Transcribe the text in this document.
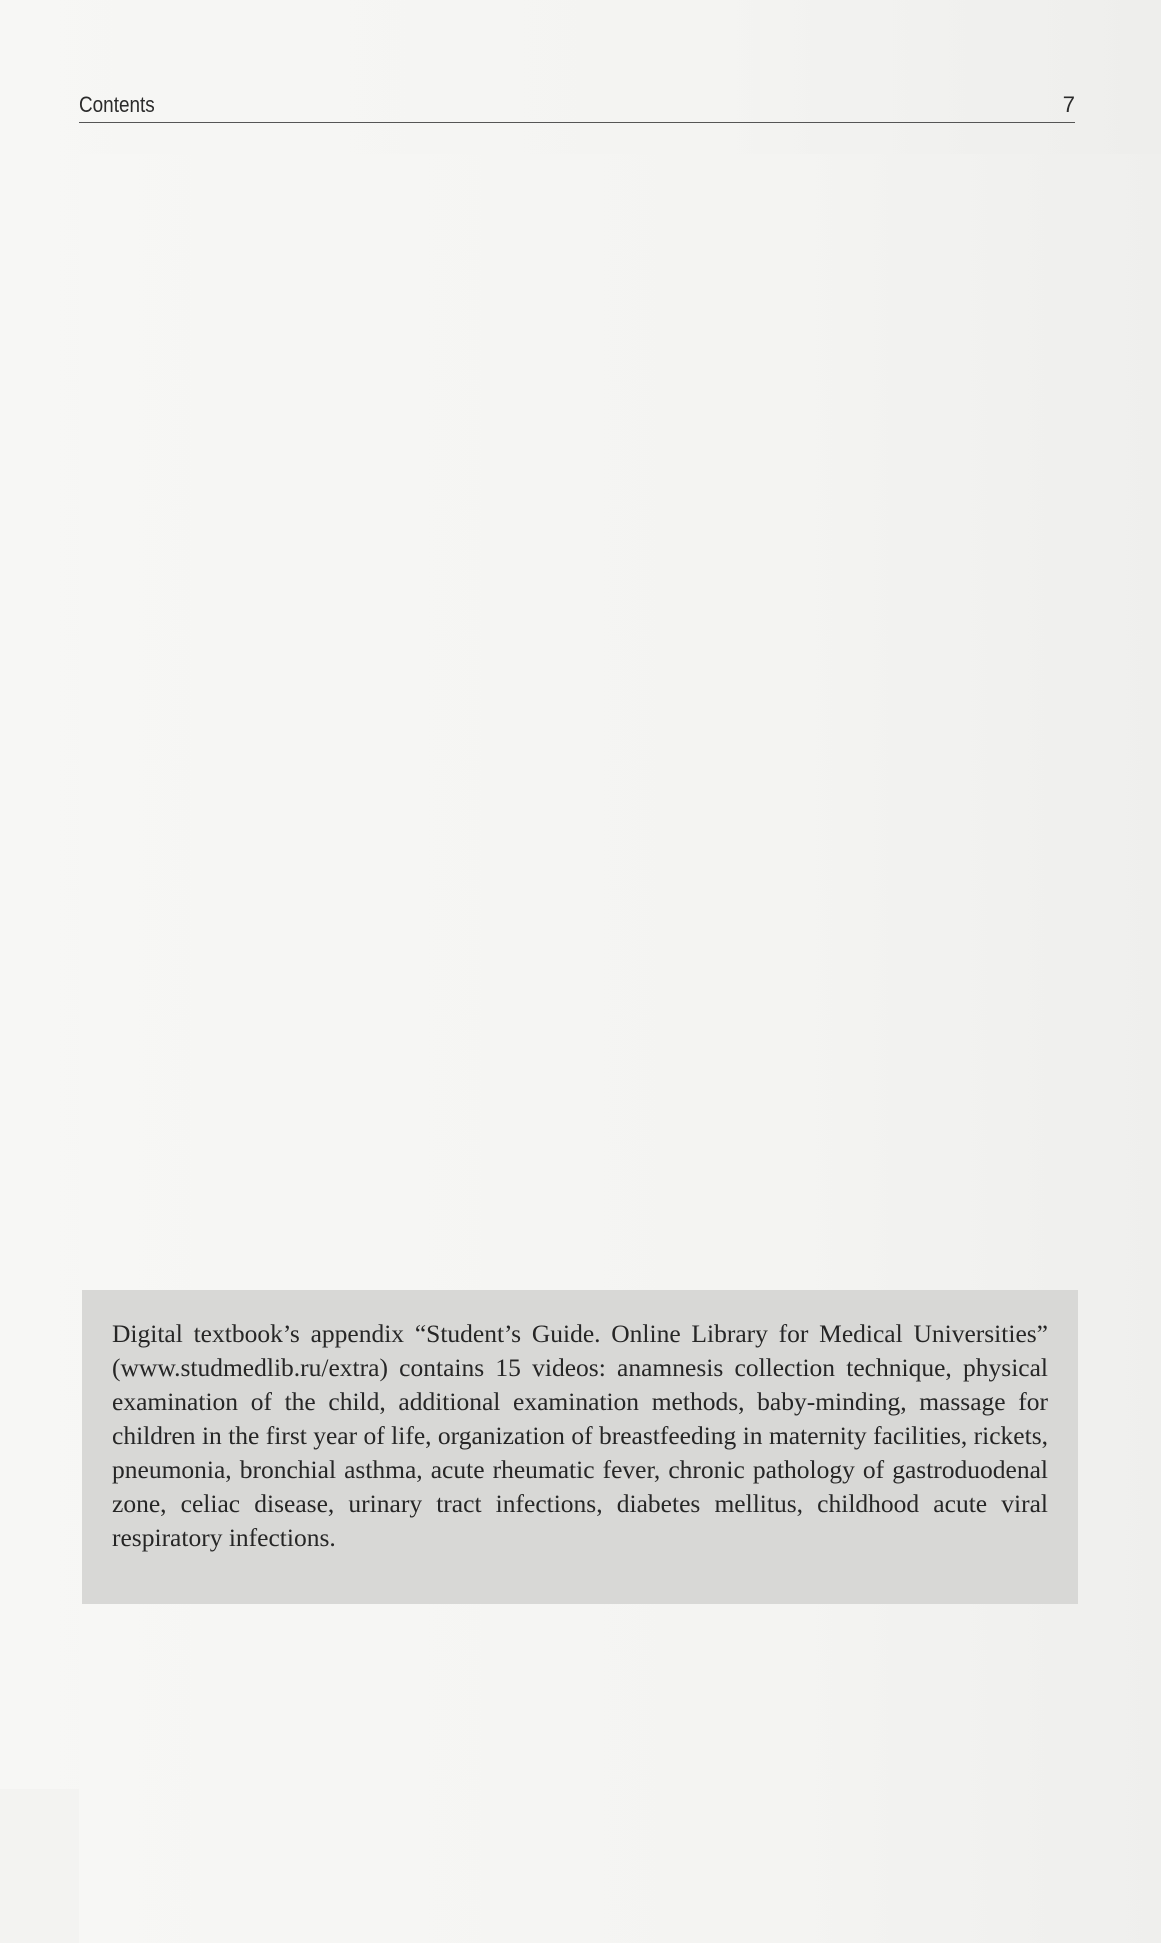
Contents	7
. . .
. . .
. . .
. . .
. . .
. . .
. . .
. . .
. . .
. . .
. . .
. . .
. . .
. . .
. . .
. . .
. . .
. . .
. . .
. . .
. . .
. . .
. . .
. . .
. . .
. . .
. . .
. . .
. . .
. . .
. . .
. . .
Digital textbook’s appendix “Student’s Guide. Online Library for Medical Universities” (www.studmedlib.ru/extra) contains 15 videos: anamnesis collection technique, physical examination of the child, additional examination methods, baby-minding, massage for children in the first year of life, organization of breastfeeding in maternity facilities, rickets, pneumonia, bronchial asthma, acute rheumatic fever, chronic pathology of gastroduodenal zone, celiac disease, urinary tract infections, diabetes mellitus, childhood acute viral respiratory infections.
